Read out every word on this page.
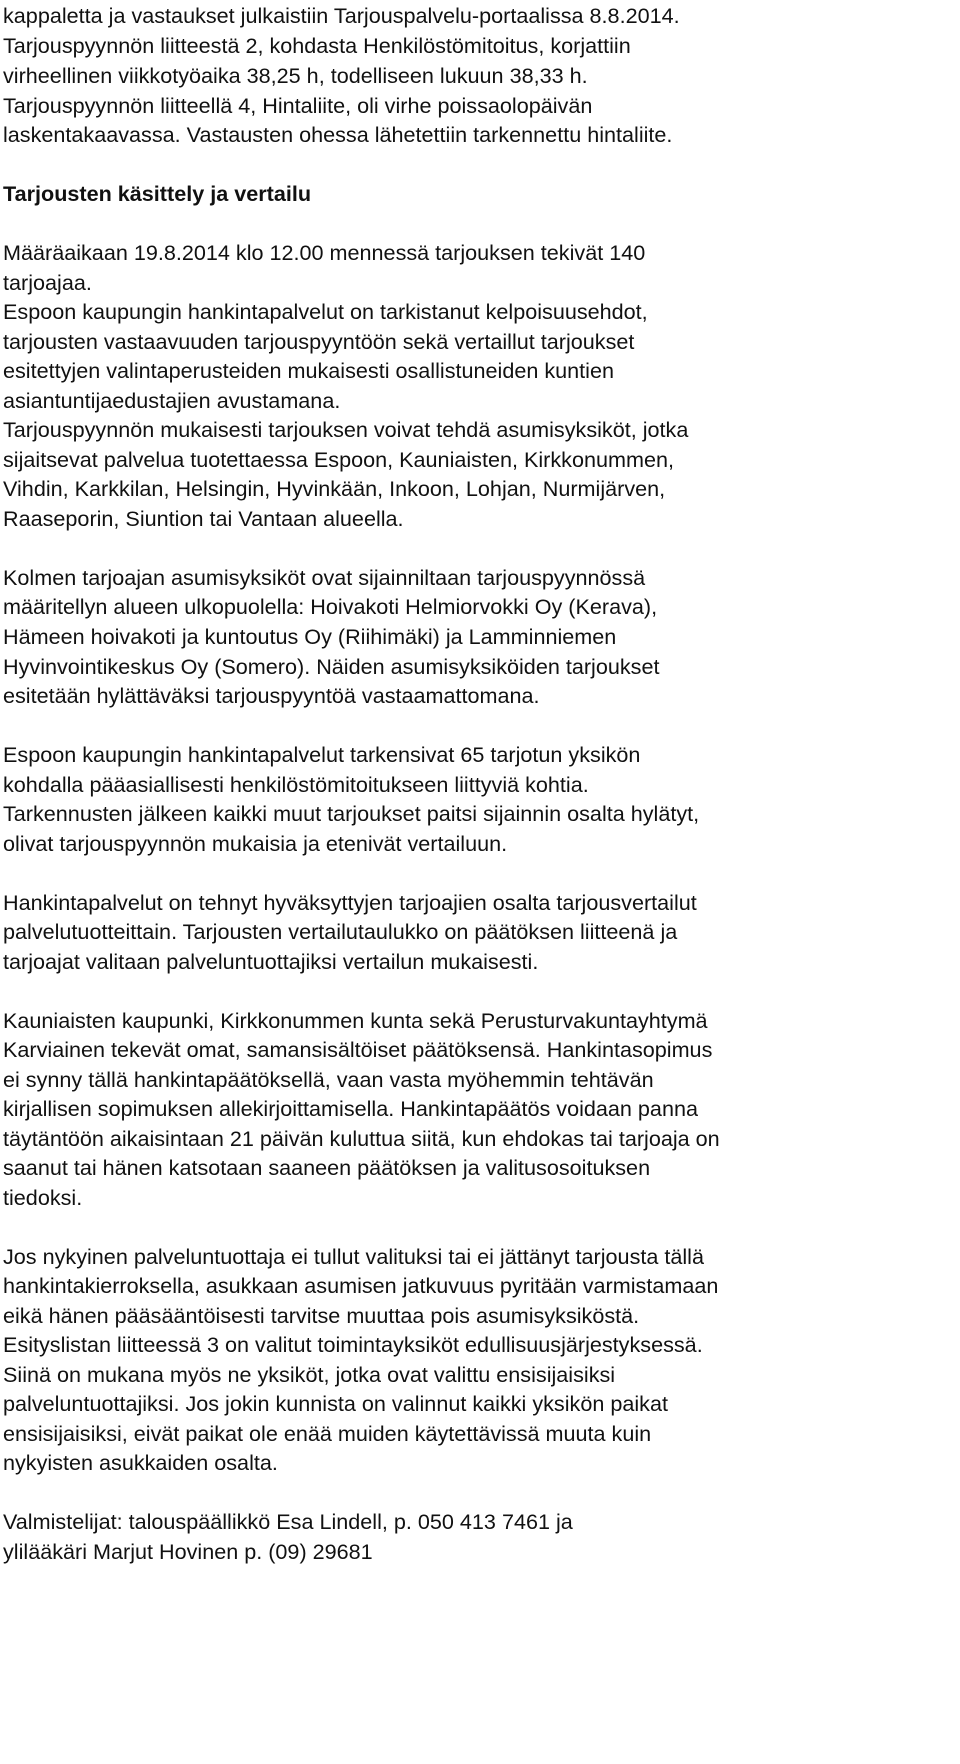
kappaletta ja vastaukset julkaistiin Tarjouspalvelu-portaalissa 8.8.2014.

Tarjouspyynnön liitteestä 2, kohdasta Henkilöstömitoitus, korjattiin

virheellinen viikkotyöaika 38,25 h, todelliseen lukuun 38,33 h.

Tarjouspyynnön liitteellä 4, Hintaliite, oli virhe poissaolopäivän

laskentakaavassa. Vastausten ohessa lähetettiin tarkennettu hintaliite.

Tarjousten käsittely ja vertailu

Määräaikaan 19.8.2014 klo 12.00 mennessä tarjouksen tekivät 140

tarjoajaa.

Espoon kaupungin hankintapalvelut on tarkistanut kelpoisuusehdot,

tarjousten vastaavuuden tarjouspyyntöön sekä vertaillut tarjoukset

esitettyjen valintaperusteiden mukaisesti osallistuneiden kuntien

asiantuntijaedustajien avustamana.

Tarjouspyynnön mukaisesti tarjouksen voivat tehdä asumisyksiköt, jotka

sijaitsevat palvelua tuotettaessa Espoon, Kauniaisten, Kirkkonummen,

Vihdin, Karkkilan, Helsingin, Hyvinkään, Inkoon, Lohjan, Nurmijärven,

Raaseporin, Siuntion tai Vantaan alueella.

Kolmen tarjoajan asumisyksiköt ovat sijainniltaan tarjouspyynnössä

määritellyn alueen ulkopuolella: Hoivakoti Helmiorvokki Oy (Kerava),

Hämeen hoivakoti ja kuntoutus Oy (Riihimäki) ja Lamminniemen

Hyvinvointikeskus Oy (Somero). Näiden asumisyksiköiden tarjoukset

esitetään hylättäväksi tarjouspyyntöä vastaamattomana.

Espoon kaupungin hankintapalvelut tarkensivat 65 tarjotun yksikön

kohdalla pääasiallisesti henkilöstömitoitukseen liittyviä kohtia.

Tarkennusten jälkeen kaikki muut tarjoukset paitsi sijainnin osalta hylätyt,

olivat tarjouspyynnön mukaisia ja etenivät vertailuun.

Hankintapalvelut on tehnyt hyväksyttyjen tarjoajien osalta tarjousvertailut

palvelutuotteittain. Tarjousten vertailutaulukko on päätöksen liitteenä ja

tarjoajat valitaan palveluntuottajiksi vertailun mukaisesti.

Kauniaisten kaupunki, Kirkkonummen kunta sekä Perusturvakuntayhtymä

Karviainen tekevät omat, samansisältöiset päätöksensä. Hankintasopimus

ei synny tällä hankintapäätöksellä, vaan vasta myöhemmin tehtävän

kirjallisen sopimuksen allekirjoittamisella. Hankintapäätös voidaan panna

täytäntöön aikaisintaan 21 päivän kuluttua siitä, kun ehdokas tai tarjoaja on

saanut tai hänen katsotaan saaneen päätöksen ja valitusosoituksen

tiedoksi.

Jos nykyinen palveluntuottaja ei tullut valituksi tai ei jättänyt tarjousta tällä

hankintakierroksella, asukkaan asumisen jatkuvuus pyritään varmistamaan

eikä hänen pääsääntöisesti tarvitse muuttaa pois asumisyksiköstä.

Esityslistan liitteessä 3 on valitut toimintayksiköt edullisuusjärjestyksessä.

Siinä on mukana myös ne yksiköt, jotka ovat valittu ensisijaisiksi

palveluntuottajiksi. Jos jokin kunnista on valinnut kaikki yksikön paikat

ensisijaisiksi, eivät paikat ole enää muiden käytettävissä muuta kuin

nykyisten asukkaiden osalta.

Valmistelijat: talouspäällikkö Esa Lindell, p. 050 413 7461 ja

ylilääkäri Marjut Hovinen p. (09) 29681
